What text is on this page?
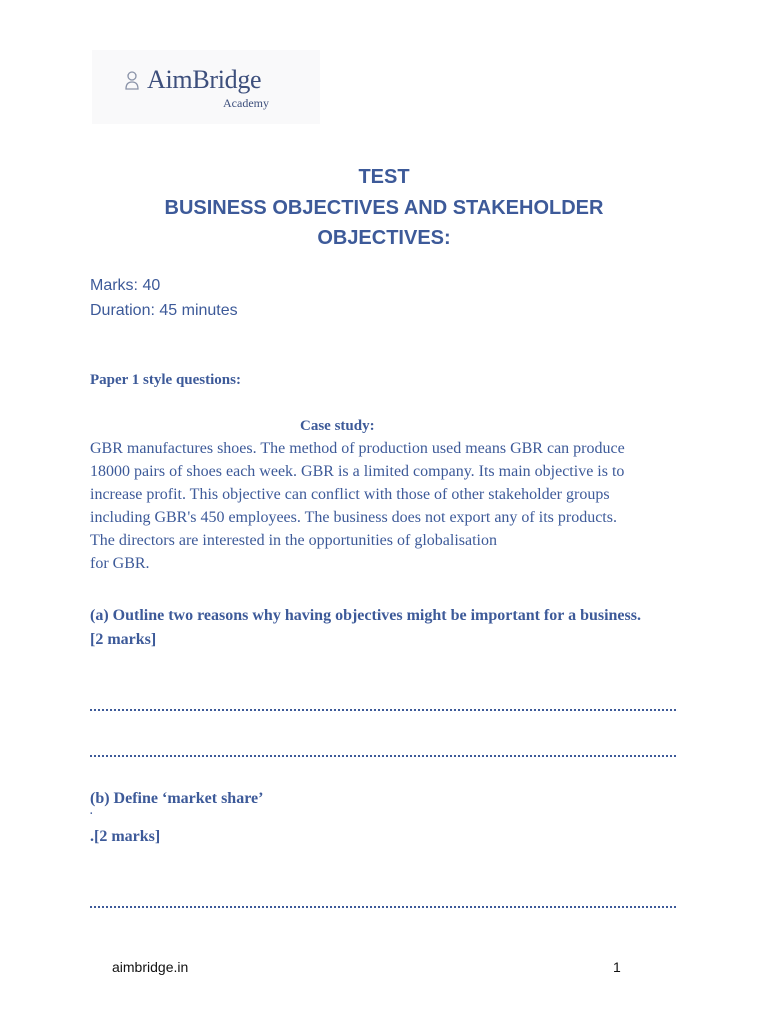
AimBridge
Academy
TEST
BUSINESS OBJECTIVES AND STAKEHOLDER
OBJECTIVES:
Marks: 40
Duration: 45 minutes
Paper 1 style questions:
Case study:
GBR manufactures shoes. The method of production used means GBR can produce
18000 pairs of shoes each week. GBR is a limited company. Its main objective is to
increase profit. This objective can conflict with those of other stakeholder groups
including GBR's 450 employees. The business does not export any of its products.
The directors are interested in the opportunities of globalisation
for GBR.
(a) Outline two reasons why having objectives might be important for a business.
[2 marks]
(b) Define ‘market share’
.
.[2 marks]
aimbridge.in	1
